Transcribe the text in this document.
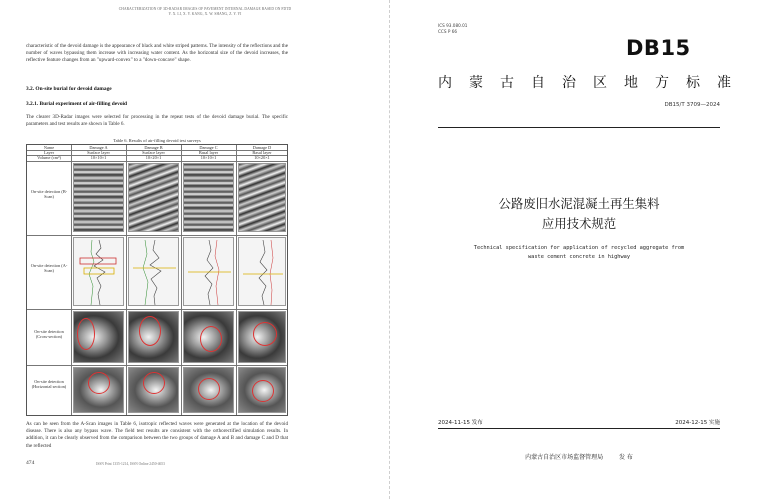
CHARACTERIZATION OF 3D-RADAR IMAGES OF PAVEMENT INTERNAL DAMAGE BASED ON FDTD
Y. X. LI, X. Y. KANG, X. W. SHANG, Z. Y. YI

characteristic of the devoid damage is the appearance of black and white striped patterns. The intensity of the reflections and the number of waves bypassing them increase with increasing water content. As the horizontal size of the devoid increases, the reflective feature changes from an "upward-convex" to a "down-concave" shape.

3.2. On-site burial for devoid damage

3.2.1. Burial experiment of air-filling devoid

The clearer 3D-Radar images were selected for processing in the repeat tests of the devoid damage burial. The specific parameters and test results are shown in Table 6.

Table 6. Results of air-filling devoid test surveys
Name	Damage A	Damage B	Damage C	Damage D
Layer	Surface layer	Surface layer	Basal layer	Basal layer
Volume (cm³)	10×10×1	10×20×1	10×10×1	10×20×1
On-site detection (B-Scan)
On-site detection (A-Scan)
On-site detection (Cross-section)
On-site detection (Horizontal section)

As can be seen from the A-Scan images in Table 6, isotropic reflected waves were generated at the location of the devoid disease. There is also any bypass wave. The field test results are consistent with the orthorectified simulation results. In addition, it can be clearly observed from the comparison between the two groups of damage A and B and damage C and D that the reflected

474	ISSN Print 1335-1214, ISSN Online 2450-4653
ICS 93.080.01
CCS P 66
DB15
内蒙古自治区地方标准
DB15/T 3709—2024
公路废旧水泥混凝土再生集料
应用技术规范
Technical specification for application of recycled aggregate from
waste cement concrete in highway
2024-11-15 发布	2024-12-15 实施
内蒙古自治区市场监督管理局	发 布
